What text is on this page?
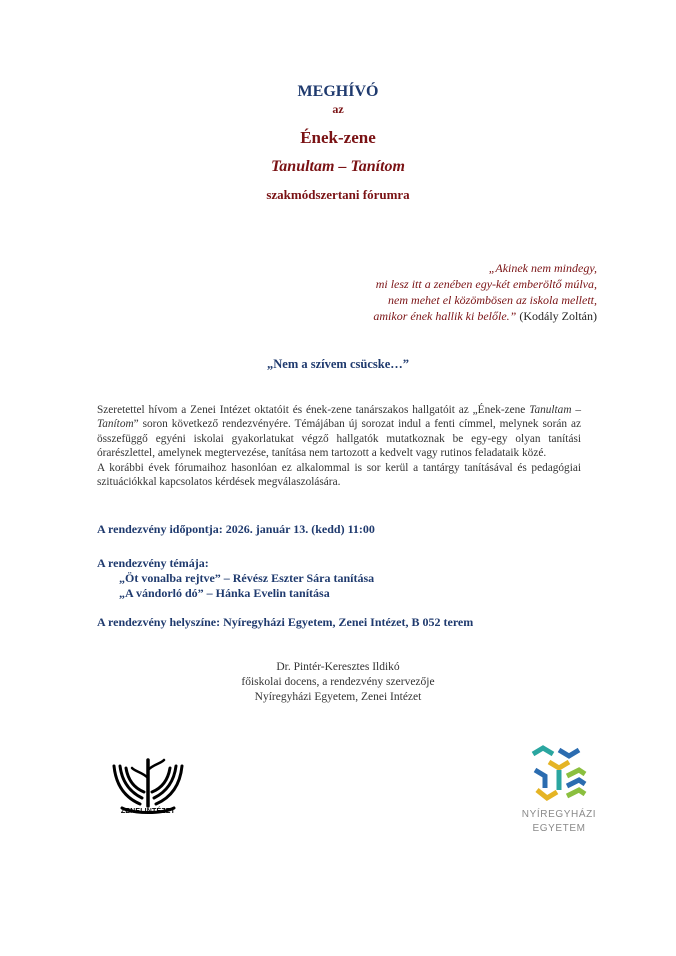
MEGHÍVÓ
az
Ének-zene
Tanultam – Tanítom
szakmódszertani fórumra
„Akinek nem mindegy,
mi lesz itt a zenében egy-két emberöltő múlva,
nem mehet el közömbösen az iskola mellett,
amikor ének hallik ki belőle.” (Kodály Zoltán)
„Nem a szívem csücske…”

Szeretettel hívom a Zenei Intézet oktatóit és ének-zene tanárszakos hallgatóit az „Ének-zene Tanultam – Tanítom” soron következő rendezvényére. Témájában új sorozat indul a fenti címmel, melynek során az összefüggő egyéni iskolai gyakorlatukat végző hallgatók mutatkoznak be egy-egy olyan tanítási órarészlettel, amelynek megtervezése, tanítása nem tartozott a kedvelt vagy rutinos feladataik közé.

A korábbi évek fórumaihoz hasonlóan ez alkalommal is sor kerül a tantárgy tanításával és pedagógiai szituációkkal kapcsolatos kérdések megválaszolására.

A rendezvény időpontja: 2026. január 13. (kedd) 11:00
A rendezvény témája:
„Öt vonalba rejtve” – Révész Eszter Sára tanítása
„A vándorló dó” – Hánka Evelin tanítása
A rendezvény helyszíne: Nyíregyházi Egyetem, Zenei Intézet, B 052 terem
Dr. Pintér-Keresztes Ildikó
főiskolai docens, a rendezvény szervezője
Nyíregyházi Egyetem, Zenei Intézet
ZENEI INTÉZET	NYÍREGYHÁZI
EGYETEM
